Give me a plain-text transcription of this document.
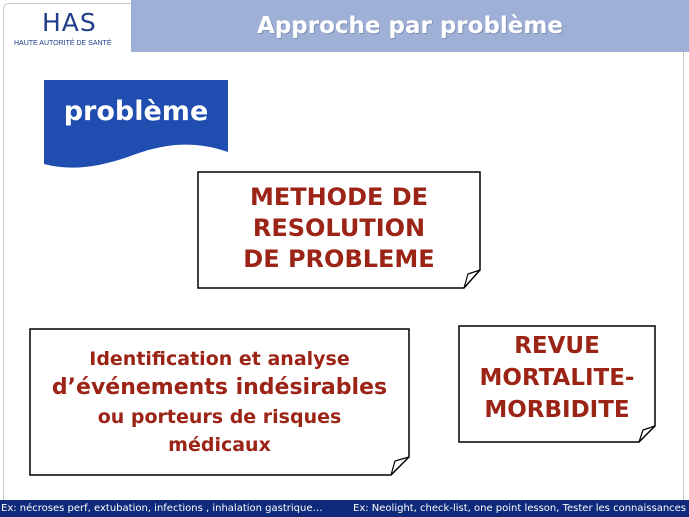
HAS
HAUTE AUTORITÉ DE SANTÉ
Approche par problème
problème
METHODE DE
RESOLUTION
DE PROBLEME
Identification et analyse
d’événements indésirables
ou porteurs de risques
médicaux
REVUE
MORTALITE-
MORBIDITE
Ex: nécroses perf, extubation, infections , inhalation gastrique…	Ex: Neolight, check-list, one point lesson, Tester les connaissances
